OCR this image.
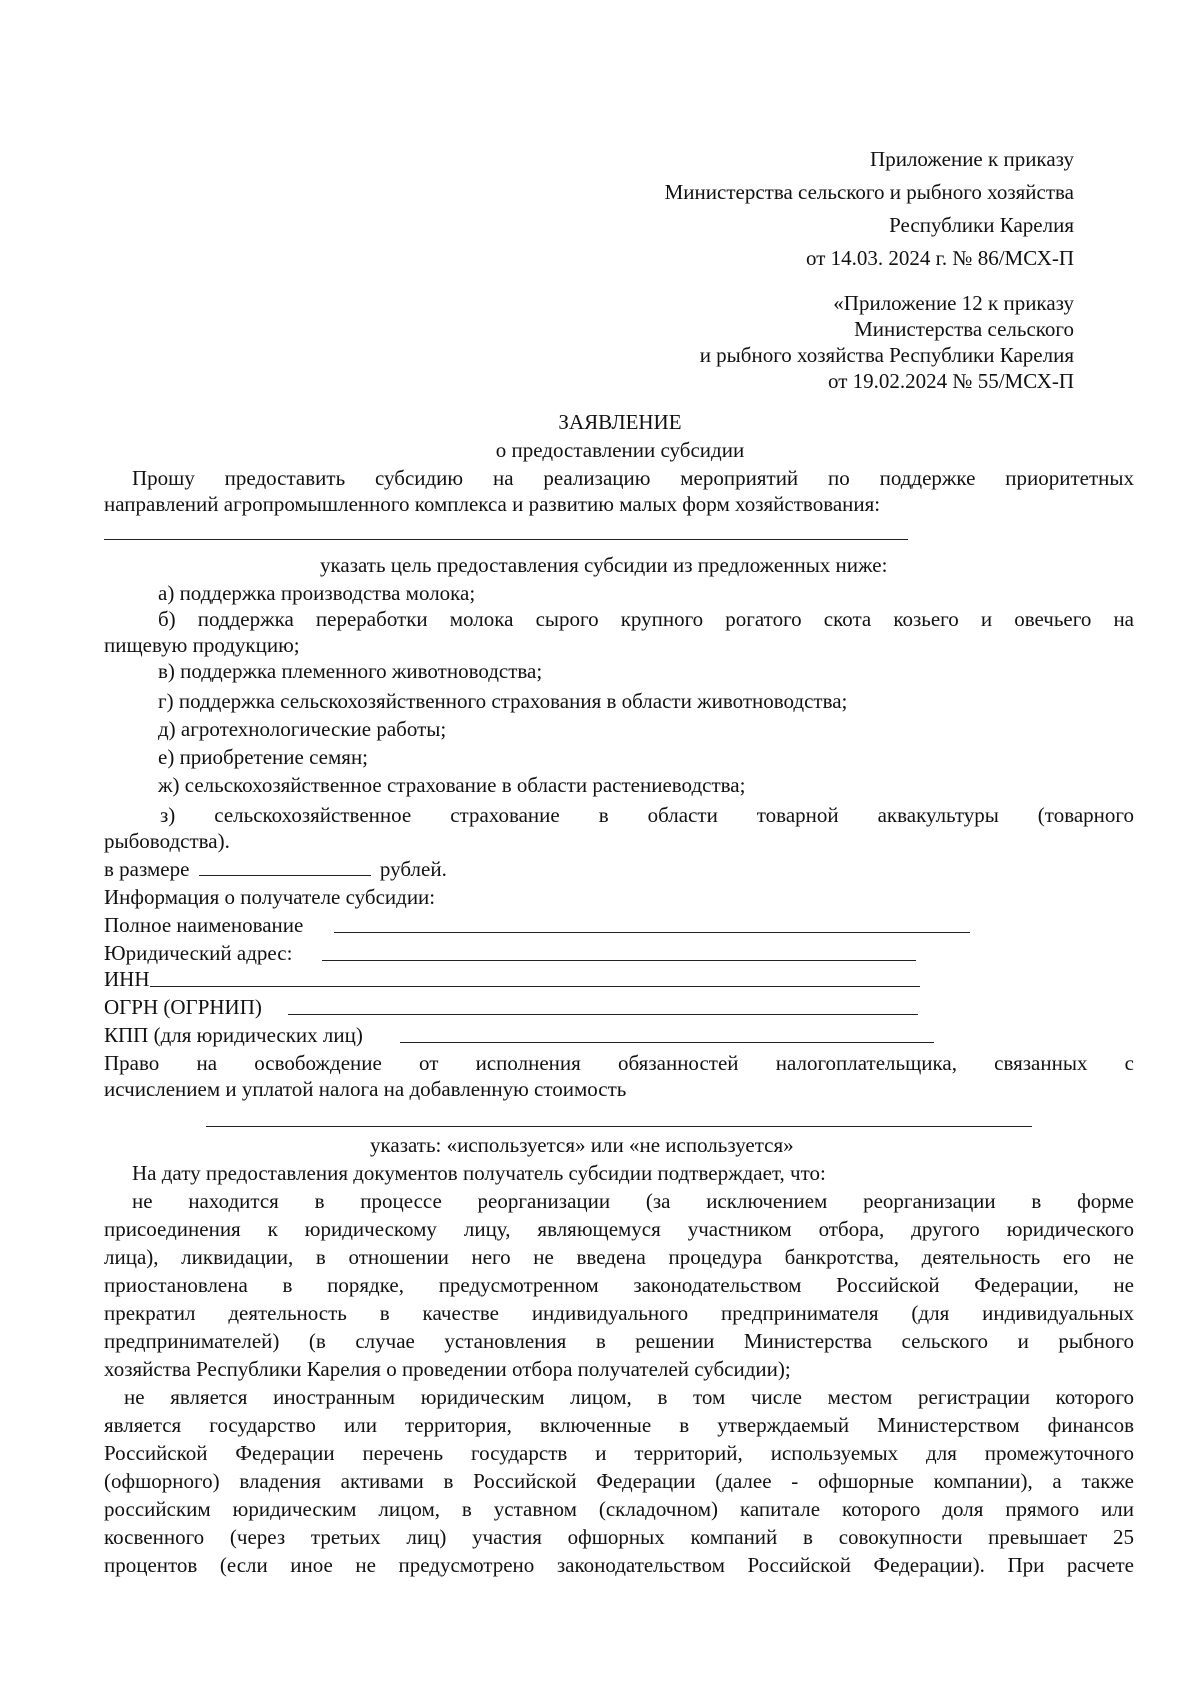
Приложение к приказу
Министерства сельского и рыбного хозяйства
Республики Карелия
от 14.03. 2024 г. № 86/МСХ-П
«Приложение 12 к приказу
Министерства сельского
и рыбного хозяйства Республики Карелия
от 19.02.2024 № 55/МСХ-П
ЗАЯВЛЕНИЕ
о предоставлении субсидии
Прошу предоставить субсидию на реализацию мероприятий по поддержке приоритетных
направлений агропромышленного комплекса и развитию малых форм хозяйствования:
указать цель предоставления субсидии из предложенных ниже:
а) поддержка производства молока;
б) поддержка переработки молока сырого крупного рогатого скота козьего и овечьего на
пищевую продукцию;
в) поддержка племенного животноводства;
г) поддержка сельскохозяйственного страхования в области животноводства;
д) агротехнологические работы;
е) приобретение семян;
ж) сельскохозяйственное страхование в области растениеводства;
з) сельскохозяйственное страхование в области товарной аквакультуры (товарного
рыбоводства).
в размере	рублей.
Информация о получателе субсидии:
Полное наименование
Юридический адрес:
ИНН
ОГРН (ОГРНИП)
КПП (для юридических лиц)
Право на освобождение от исполнения обязанностей налогоплательщика, связанных с
исчислением и уплатой налога на добавленную стоимость
указать: «используется» или «не используется»
На дату предоставления документов получатель субсидии подтверждает, что:
не находится в процессе реорганизации (за исключением реорганизации в форме
присоединения к юридическому лицу, являющемуся участником отбора, другого юридического
лица), ликвидации, в отношении него не введена процедура банкротства, деятельность его не
приостановлена в порядке, предусмотренном законодательством Российской Федерации, не
прекратил деятельность в качестве индивидуального предпринимателя (для индивидуальных
предпринимателей) (в случае установления в решении Министерства сельского и рыбного
хозяйства Республики Карелия о проведении отбора получателей субсидии);
не является иностранным юридическим лицом, в том числе местом регистрации которого
является государство или территория, включенные в утверждаемый Министерством финансов
Российской Федерации перечень государств и территорий, используемых для промежуточного
(офшорного) владения активами в Российской Федерации (далее - офшорные компании), а также
российским юридическим лицом, в уставном (складочном) капитале которого доля прямого или
косвенного (через третьих лиц) участия офшорных компаний в совокупности превышает 25
процентов (если иное не предусмотрено законодательством Российской Федерации). При расчете
